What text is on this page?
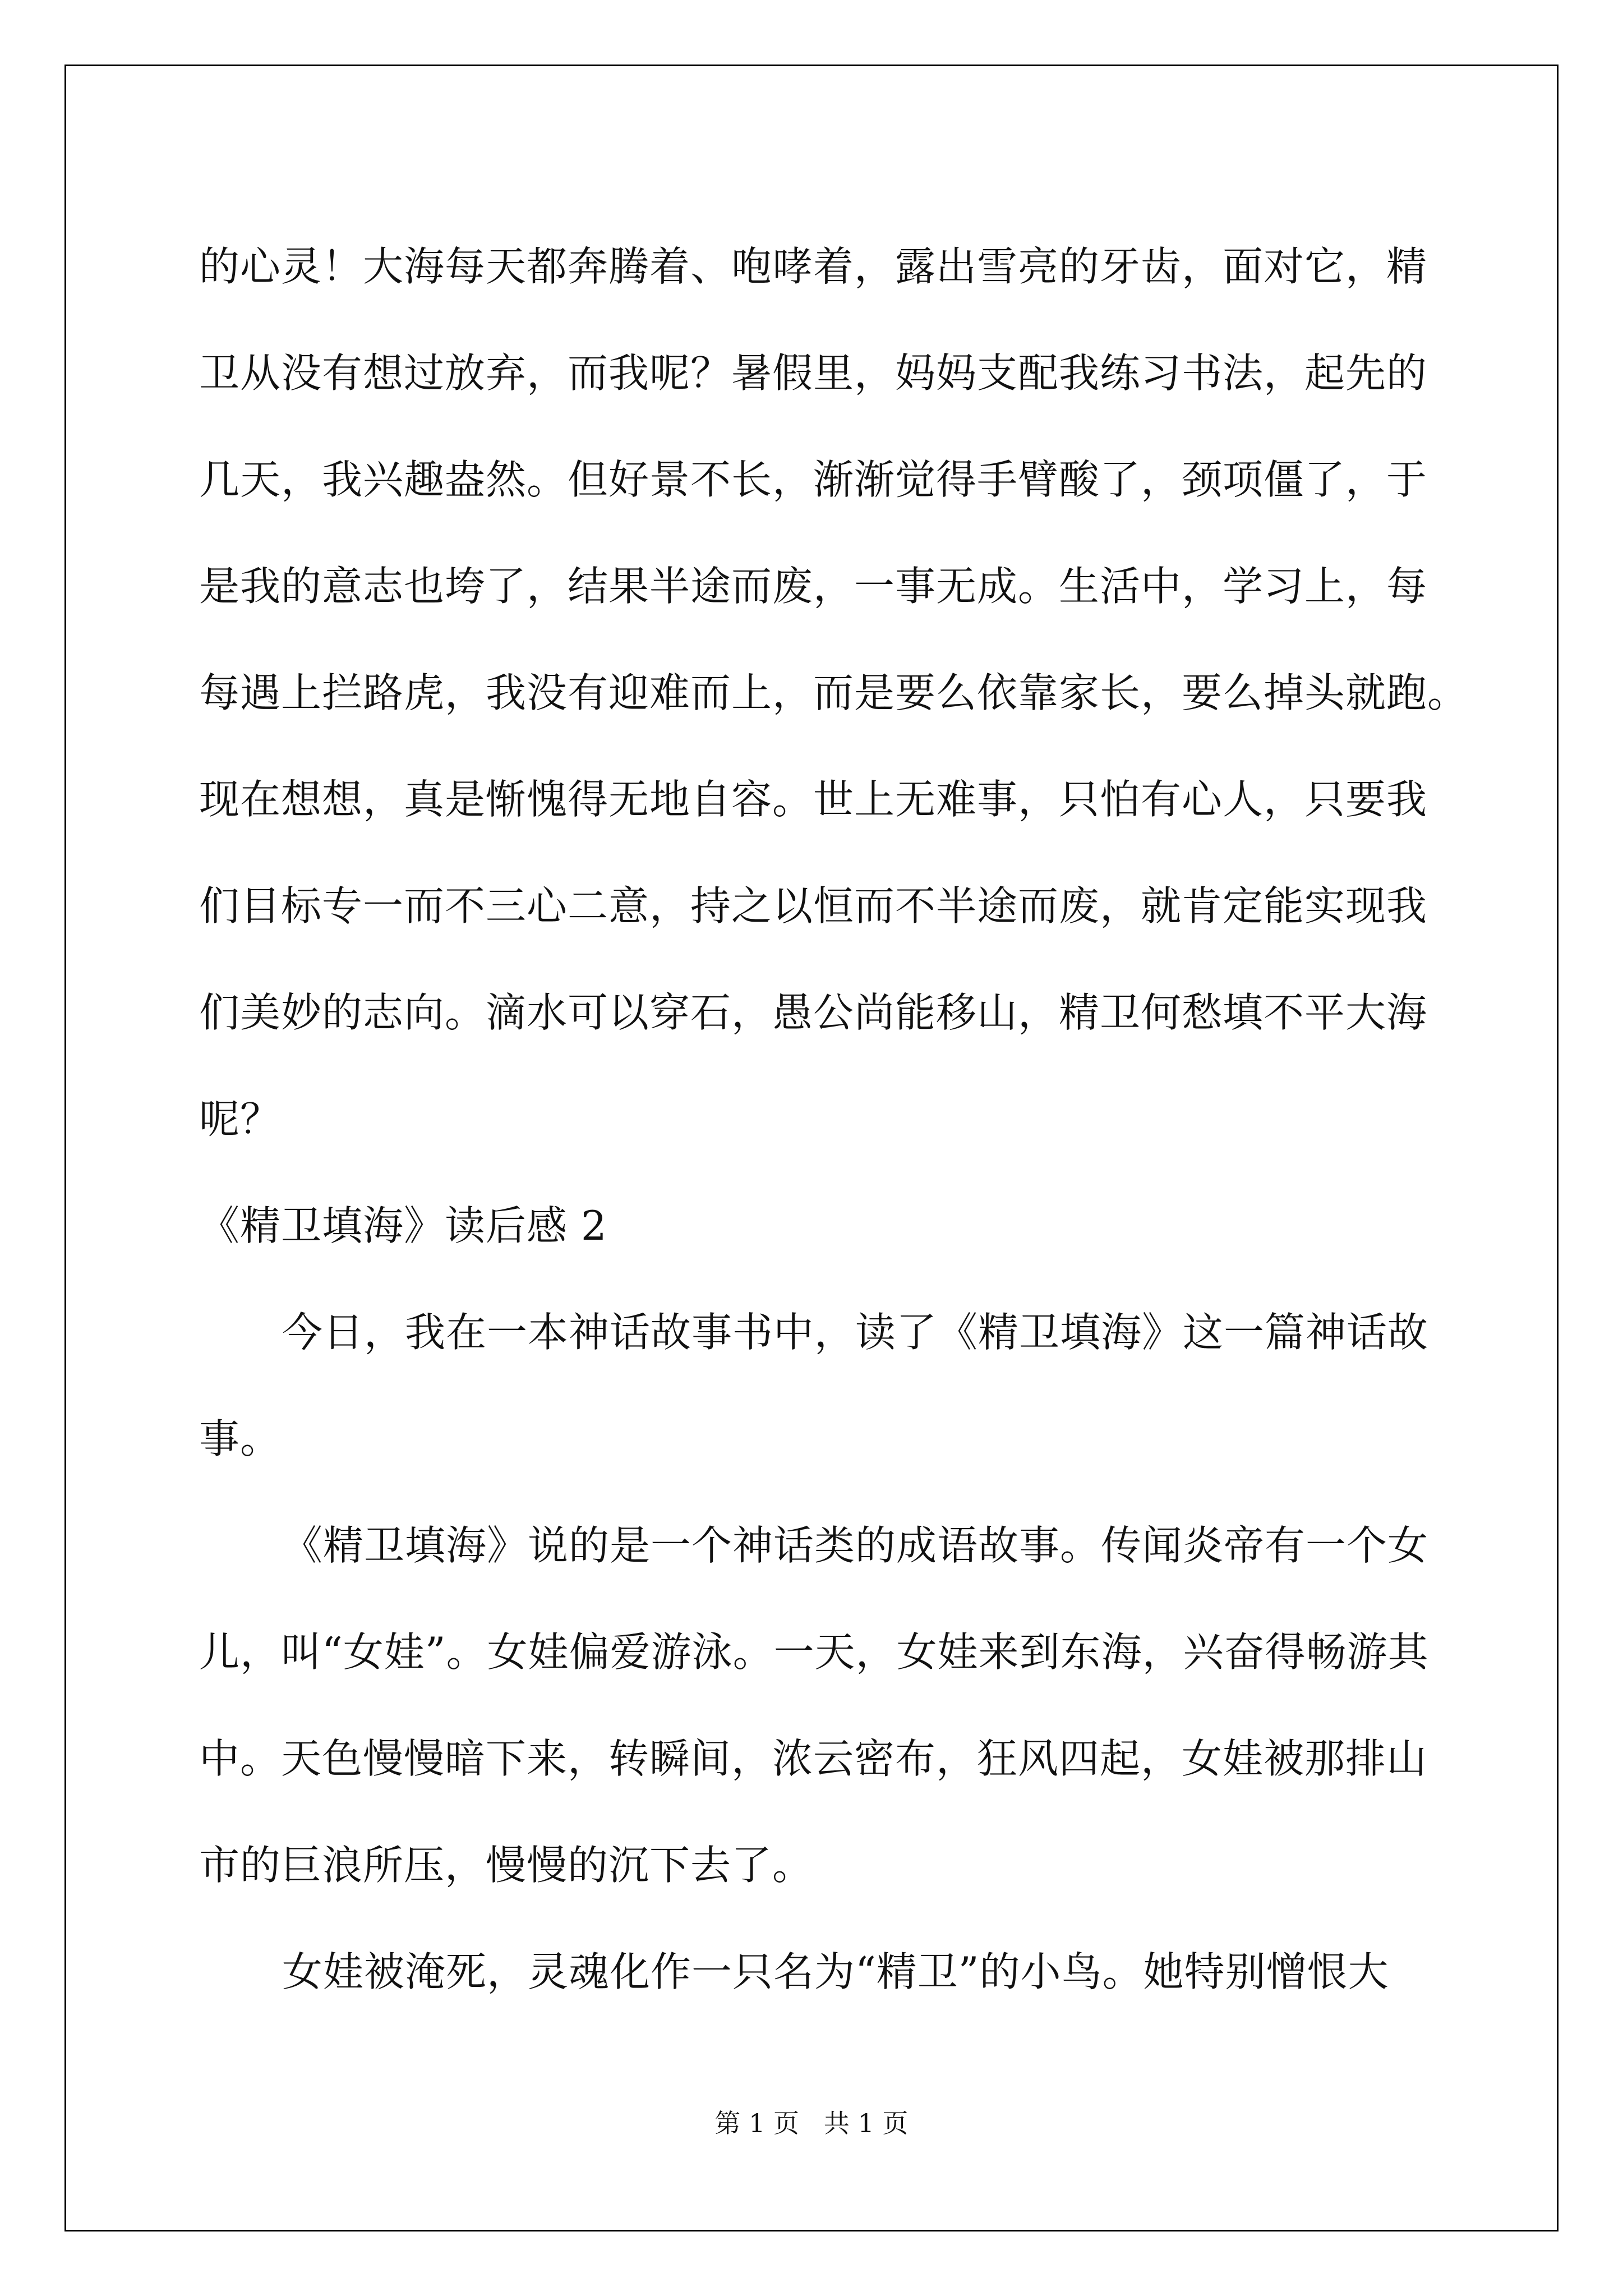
的心灵！大海每天都奔腾着、咆哮着，露出雪亮的牙齿，面对它，精
卫从没有想过放弃，而我呢？暑假里，妈妈支配我练习书法，起先的
几天，我兴趣盎然。但好景不长，渐渐觉得手臂酸了，颈项僵了，于
是我的意志也垮了，结果半途而废，一事无成。生活中，学习上，每
每遇上拦路虎，我没有迎难而上，而是要么依靠家长，要么掉头就跑。
现在想想，真是惭愧得无地自容。世上无难事，只怕有心人，只要我
们目标专一而不三心二意，持之以恒而不半途而废，就肯定能实现我
们美妙的志向。滴水可以穿石，愚公尚能移山，精卫何愁填不平大海
呢？
《精卫填海》读后感 2
今日，我在一本神话故事书中，读了《精卫填海》这一篇神话故
事。
《精卫填海》说的是一个神话类的成语故事。传闻炎帝有一个女
儿，叫“女娃”。女娃偏爱游泳。一天，女娃来到东海，兴奋得畅游其
中。天色慢慢暗下来，转瞬间，浓云密布，狂风四起，女娃被那排山
市的巨浪所压，慢慢的沉下去了。
女娃被淹死，灵魂化作一只名为“精卫”的小鸟。她特别憎恨大
第 1 页   共 1 页
